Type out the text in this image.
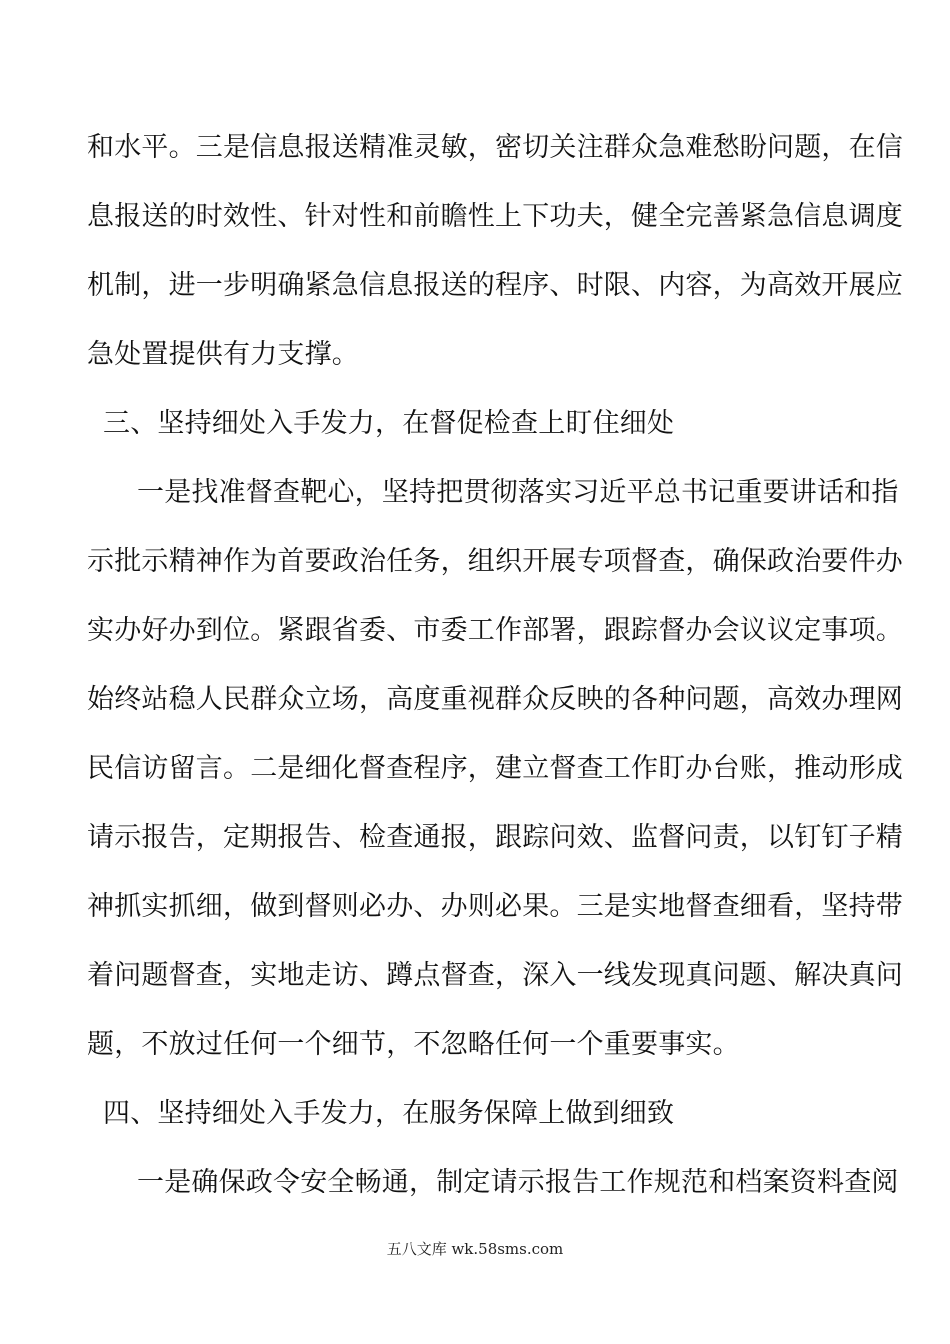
和水平。三是信息报送精准灵敏，密切关注群众急难愁盼问题，在信
息报送的时效性、针对性和前瞻性上下功夫，健全完善紧急信息调度
机制，进一步明确紧急信息报送的程序、时限、内容，为高效开展应
急处置提供有力支撑。
三、坚持细处入手发力，在督促检查上盯住细处
一是找准督查靶心，坚持把贯彻落实习近平总书记重要讲话和指
示批示精神作为首要政治任务，组织开展专项督查，确保政治要件办
实办好办到位。紧跟省委、市委工作部署，跟踪督办会议议定事项。
始终站稳人民群众立场，高度重视群众反映的各种问题，高效办理网
民信访留言。二是细化督查程序，建立督查工作盯办台账，推动形成
请示报告，定期报告、检查通报，跟踪问效、监督问责，以钉钉子精
神抓实抓细，做到督则必办、办则必果。三是实地督查细看，坚持带
着问题督查，实地走访、蹲点督查，深入一线发现真问题、解决真问
题，不放过任何一个细节，不忽略任何一个重要事实。
四、坚持细处入手发力，在服务保障上做到细致
一是确保政令安全畅通，制定请示报告工作规范和档案资料查阅
五八文库 wk.58sms.com
